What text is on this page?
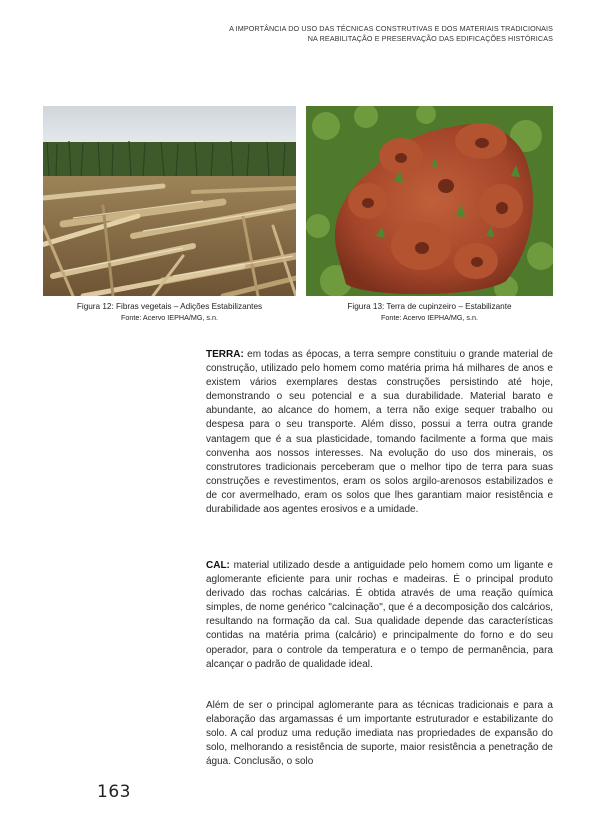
A IMPORTÂNCIA DO USO DAS TÉCNICAS CONSTRUTIVAS E DOS MATERIAIS TRADICIONAIS
NA REABILITAÇÃO E PRESERVAÇÃO DAS EDIFICAÇÕES HISTÓRICAS
Figura 12: Fibras vegetais – Adições Estabilizantes
Fonte: Acervo IEPHA/MG, s.n.
Figura 13: Terra de cupinzeiro – Estabilizante
Fonte: Acervo IEPHA/MG, s.n.

TERRA: em todas as épocas, a terra sempre constituiu o grande material de construção, utilizado pelo homem como matéria prima há milhares de anos e existem vários exemplares destas construções persistindo até hoje, demonstrando o seu potencial e a sua durabilidade. Material barato e abundante, ao alcance do homem, a terra não exige sequer trabalho ou despesa para o seu transporte. Além disso, possui a terra outra grande vantagem que é a sua plasticidade, tomando facilmente a forma que mais convenha aos nossos interesses. Na evolução do uso dos minerais, os construtores tradicionais perceberam que o melhor tipo de terra para suas construções e revestimentos, eram os solos argilo-arenosos estabilizados e de cor avermelhado, eram os solos que lhes garantiam maior resistência e durabilidade aos agentes erosivos e a umidade.

CAL: material utilizado desde a antiguidade pelo homem como um ligante e aglomerante eficiente para unir rochas e madeiras. É o principal produto derivado das rochas calcárias. É obtida através de uma reação química simples, de nome genérico "calcinação", que é a decomposição dos calcários, resultando na formação da cal. Sua qualidade depende das características contidas na matéria prima (calcário) e principalmente do forno e do seu operador, para o controle da temperatura e o tempo de permanência, para alcançar o padrão de qualidade ideal.

Além de ser o principal aglomerante para as técnicas tradicionais e para a elaboração das argamassas é um importante estruturador e estabilizante do solo. A cal produz uma redução imediata nas propriedades de expansão do solo, melhorando a resistência de suporte, maior resistência a penetração de água. Conclusão, o solo

163
